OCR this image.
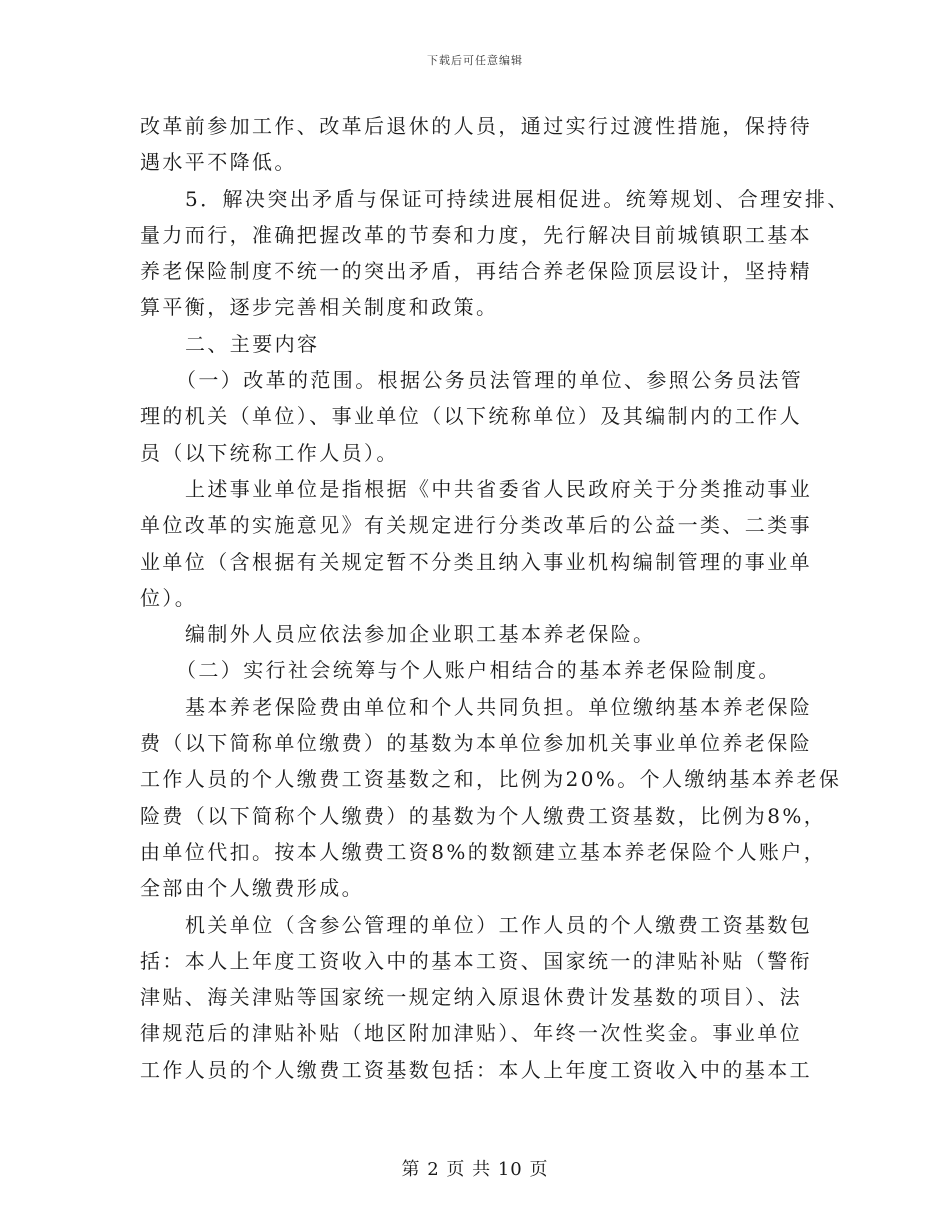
下载后可任意编辑
改革前参加工作、改革后退休的人员，通过实行过渡性措施，保持待
遇水平不降低。
5．解决突出矛盾与保证可持续进展相促进。统筹规划、合理安排、
量力而行，准确把握改革的节奏和力度，先行解决目前城镇职工基本
养老保险制度不统一的突出矛盾，再结合养老保险顶层设计，坚持精
算平衡，逐步完善相关制度和政策。
二、主要内容
（一）改革的范围。根据公务员法管理的单位、参照公务员法管
理的机关（单位）、事业单位（以下统称单位）及其编制内的工作人
员（以下统称工作人员）。
上述事业单位是指根据《中共省委省人民政府关于分类推动事业
单位改革的实施意见》有关规定进行分类改革后的公益一类、二类事
业单位（含根据有关规定暂不分类且纳入事业机构编制管理的事业单
位）。
编制外人员应依法参加企业职工基本养老保险。
（二）实行社会统筹与个人账户相结合的基本养老保险制度。
基本养老保险费由单位和个人共同负担。单位缴纳基本养老保险
费（以下简称单位缴费）的基数为本单位参加机关事业单位养老保险
工作人员的个人缴费工资基数之和，比例为20%。个人缴纳基本养老保
险费（以下简称个人缴费）的基数为个人缴费工资基数，比例为8%，
由单位代扣。按本人缴费工资8%的数额建立基本养老保险个人账户，
全部由个人缴费形成。
机关单位（含参公管理的单位）工作人员的个人缴费工资基数包
括：本人上年度工资收入中的基本工资、国家统一的津贴补贴（警衔
津贴、海关津贴等国家统一规定纳入原退休费计发基数的项目）、法
律规范后的津贴补贴（地区附加津贴）、年终一次性奖金。事业单位
工作人员的个人缴费工资基数包括：本人上年度工资收入中的基本工
第 2 页 共 10 页
